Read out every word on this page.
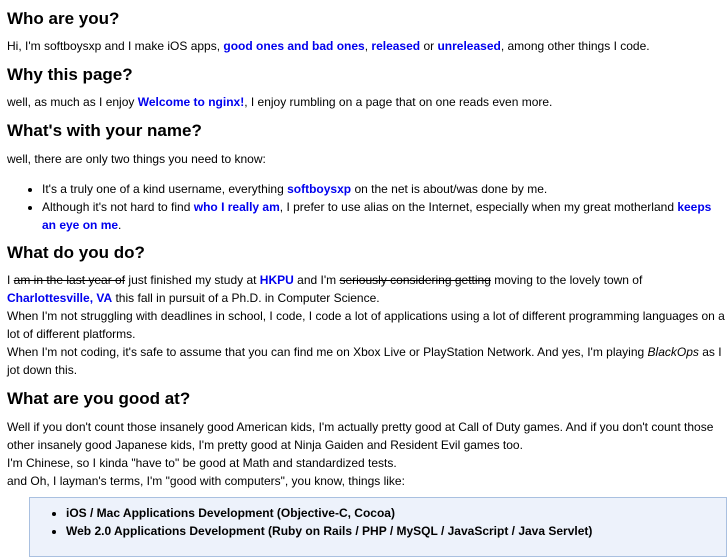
Who are you?

Hi, I'm softboysxp and I make iOS apps, good ones and bad ones, released or unreleased, among other things I code.

Why this page?

well, as much as I enjoy Welcome to nginx!, I enjoy rumbling on a page that on one reads even more.

What's with your name?

well, there are only two things you need to know:

• It's a truly one of a kind username, everything softboysxp on the net is about/was done by me.
• Although it's not hard to find who I really am, I prefer to use alias on the Internet, especially when my great motherland keeps an eye on me.
What do you do?

I am in the last year of just finished my study at HKPU and I'm seriously considering getting moving to the lovely town of Charlottesville, VA this fall in pursuit of a Ph.D. in Computer Science.

When I'm not struggling with deadlines in school, I code, I code a lot of applications using a lot of different programming languages on a lot of different platforms.

When I'm not coding, it's safe to assume that you can find me on Xbox Live or PlayStation Network. And yes, I'm playing BlackOps as I jot down this.

What are you good at?

Well if you don't count those insanely good American kids, I'm actually pretty good at Call of Duty games. And if you don't count those other insanely good Japanese kids, I'm pretty good at Ninja Gaiden and Resident Evil games too.

I'm Chinese, so I kinda "have to" be good at Math and standardized tests.

and Oh, I layman's terms, I'm "good with computers", you know, things like:

• iOS / Mac Applications Development (Objective-C, Cocoa)
• Web 2.0 Applications Development (Ruby on Rails / PHP / MySQL / JavaScript / Java Servlet)
